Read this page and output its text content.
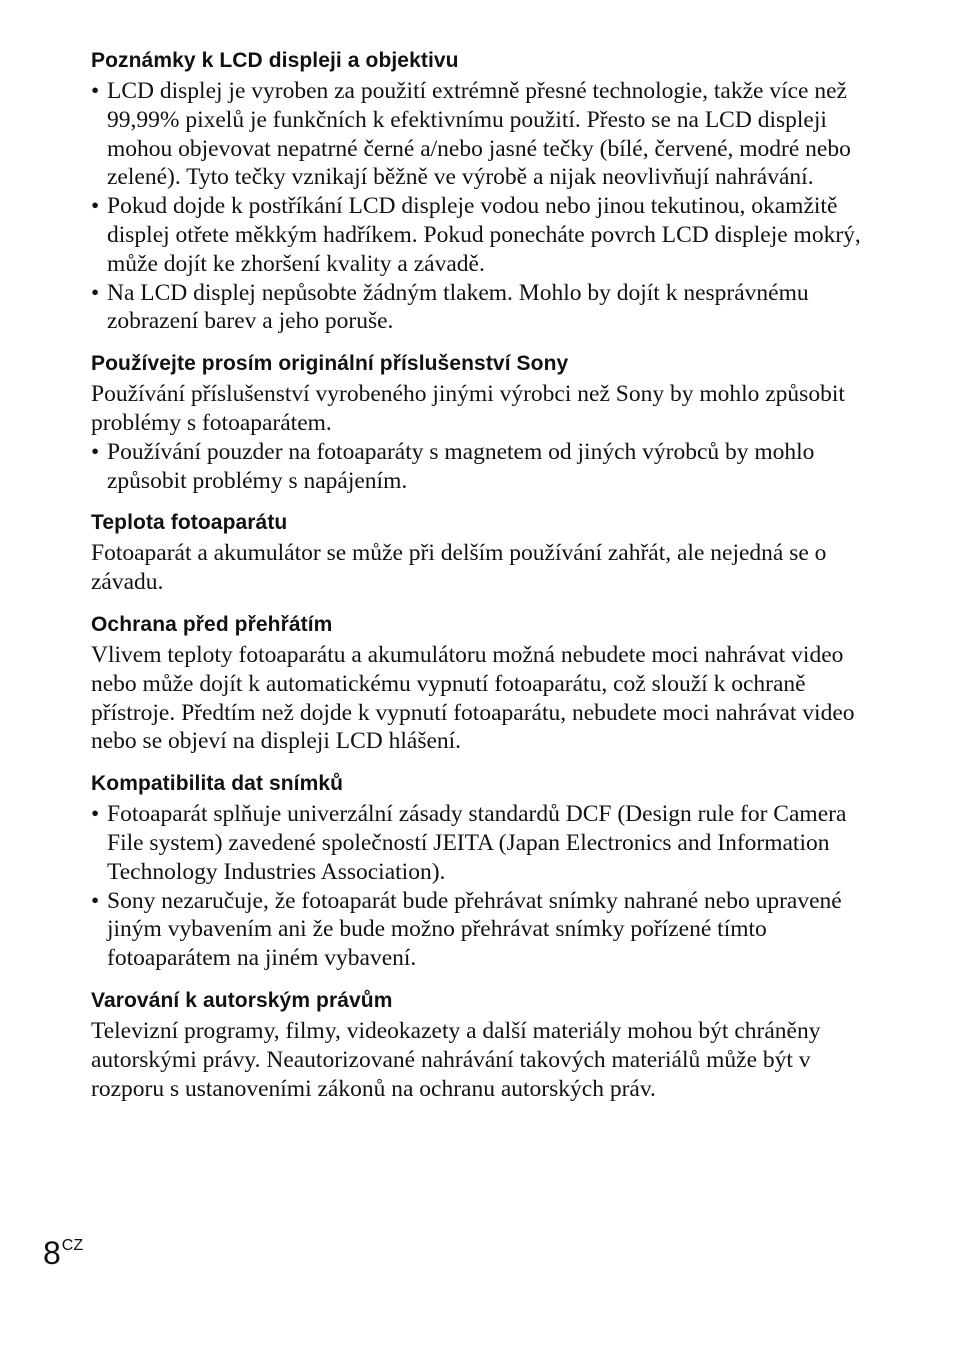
Poznámky k LCD displeji a objektivu
• LCD displej je vyroben za použití extrémně přesné technologie, takže více než 99,99% pixelů je funkčních k efektivnímu použití. Přesto se na LCD displeji mohou objevovat nepatrné černé a/nebo jasné tečky (bílé, červené, modré nebo zelené). Tyto tečky vznikají běžně ve výrobě a nijak neovlivňují nahrávání.
• Pokud dojde k postříkání LCD displeje vodou nebo jinou tekutinou, okamžitě displej otřete měkkým hadříkem. Pokud ponecháte povrch LCD displeje mokrý, může dojít ke zhoršení kvality a závadě.
• Na LCD displej nepůsobte žádným tlakem. Mohlo by dojít k nesprávnému zobrazení barev a jeho poruše.
Používejte prosím originální příslušenství Sony
Používání příslušenství vyrobeného jinými výrobci než Sony by mohlo způsobit problémy s fotoaparátem.
• Používání pouzder na fotoaparáty s magnetem od jiných výrobců by mohlo způsobit problémy s napájením.
Teplota fotoaparátu
Fotoaparát a akumulátor se může při delším používání zahřát, ale nejedná se o závadu.
Ochrana před přehřátím
Vlivem teploty fotoaparátu a akumulátoru možná nebudete moci nahrávat video nebo může dojít k automatickému vypnutí fotoaparátu, což slouží k ochraně přístroje. Předtím než dojde k vypnutí fotoaparátu, nebudete moci nahrávat video nebo se objeví na displeji LCD hlášení.
Kompatibilita dat snímků
• Fotoaparát splňuje univerzální zásady standardů DCF (Design rule for Camera File system) zavedené společností JEITA (Japan Electronics and Information Technology Industries Association).
• Sony nezaručuje, že fotoaparát bude přehrávat snímky nahrané nebo upravené jiným vybavením ani že bude možno přehrávat snímky pořízené tímto fotoaparátem na jiném vybavení.
Varování k autorským právům
Televizní programy, filmy, videokazety a další materiály mohou být chráněny autorskými právy. Neautorizované nahrávání takových materiálů může být v rozporu s ustanoveními zákonů na ochranu autorských práv.
$8^{CZ}$
